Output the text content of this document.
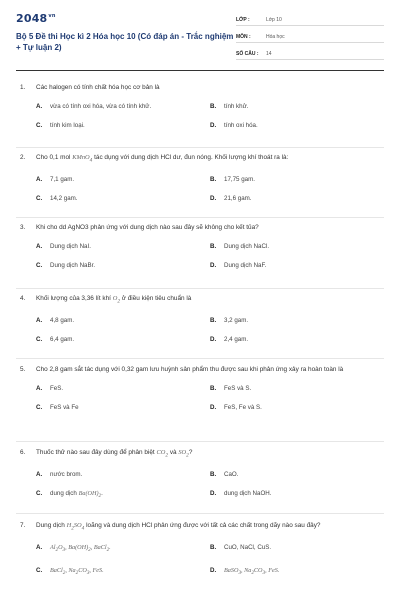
$2048^{vn}$
Bộ 5 Đề thi Học kì 2 Hóa học 10 (Có đáp án - Trắc nghiệm + Tự luận 2)
LỚP :	Lớp 10
MÔN :	Hóa học
SỐ CÂU :	14
1.	Các halogen có tính chất hóa học cơ bản là
A.	vừa có tính oxi hóa, vừa có tính khử.	B.	tính khử.
C.	tính kim loại.	D.	tính oxi hóa.
2.	Cho 0,1 mol KMnO$_4$ tác dụng với dung dịch HCl dư, đun nóng. Khối lượng khí thoát ra là:
A.	7,1 gam.	B.	17,75 gam.
C.	14,2 gam.	D.	21,6 gam.
3.	Khi cho dd AgNO3 phản ứng với dung dịch nào sau đây sẽ không cho kết tủa?
A.	Dung dịch NaI.	B.	Dung dịch NaCl.
C.	Dung dịch NaBr.	D.	Dung dịch NaF.
4.	Khối lượng của 3,36 lít khí $O_2$ ở điều kiện tiêu chuẩn là
A.	4,8 gam.	B.	3,2 gam.
C.	6,4 gam.	D.	2,4 gam.
5.	Cho 2,8 gam sắt tác dụng với 0,32 gam lưu huỳnh sản phẩm thu được sau khi phản ứng xảy ra hoàn toàn là
A.	FeS.	B.	FeS và S.
C.	FeS và Fe	D.	FeS, Fe và S.
6.	Thuốc thử nào sau đây dùng để phân biệt $CO_2$ và $SO_2$?
A.	nước brom.	B.	CaO.
C.	dung dịch $Ba(OH)_2$.	D.	dung dịch NaOH.
7.	Dung dịch $H_2SO_4$ loãng và dung dịch HCl phản ứng được với tất cả các chất trong dãy nào sau đây?
A.	$Al_2O_3$, $Ba(OH)_2$, BaCl$_2$.	B.	CuO, NaCl, CuS.
C.	BaCl$_2$, $Na_2CO_3$, FeS.	D.	BaSO$_3$, $Na_2CO_3$, FeS.
